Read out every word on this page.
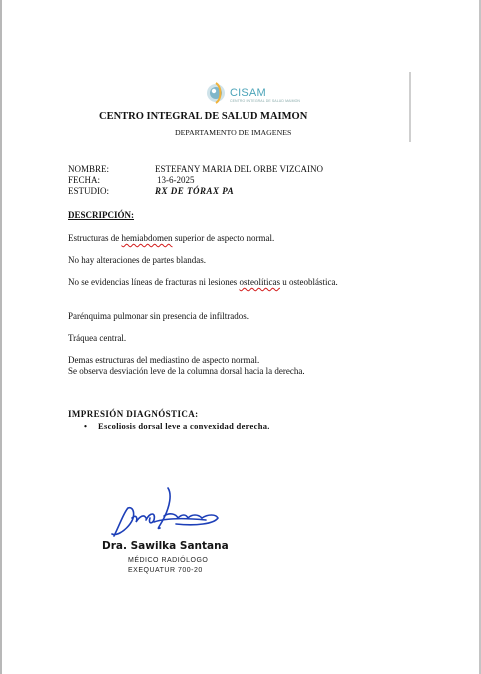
CISAM
CENTRO INTEGRAL DE SALUD MAIMON
CENTRO INTEGRAL DE SALUD MAIMON
DEPARTAMENTO DE IMAGENES
NOMBRE:	ESTEFANY MARIA DEL ORBE VIZCAINO
FECHA:	13-6-2025
ESTUDIO:	RX DE TÓRAX PA
DESCRIPCIÓN:
Estructuras de hemiabdomen superior de aspecto normal.
No hay alteraciones de partes blandas.
No se evidencias líneas de fracturas ni lesiones osteolíticas u osteoblástica.
Parénquima pulmonar sin presencia de infiltrados.
Tráquea central.
Demas estructuras del mediastino de aspecto normal.
Se observa desviación leve de la columna dorsal hacia la derecha.
IMPRESIÓN DIAGNÓSTICA:
• Escoliosis dorsal leve a convexidad derecha.
Dra. Sawilka Santana
MÉDICO RADIÓLOGO
EXEQUATUR 700-20
